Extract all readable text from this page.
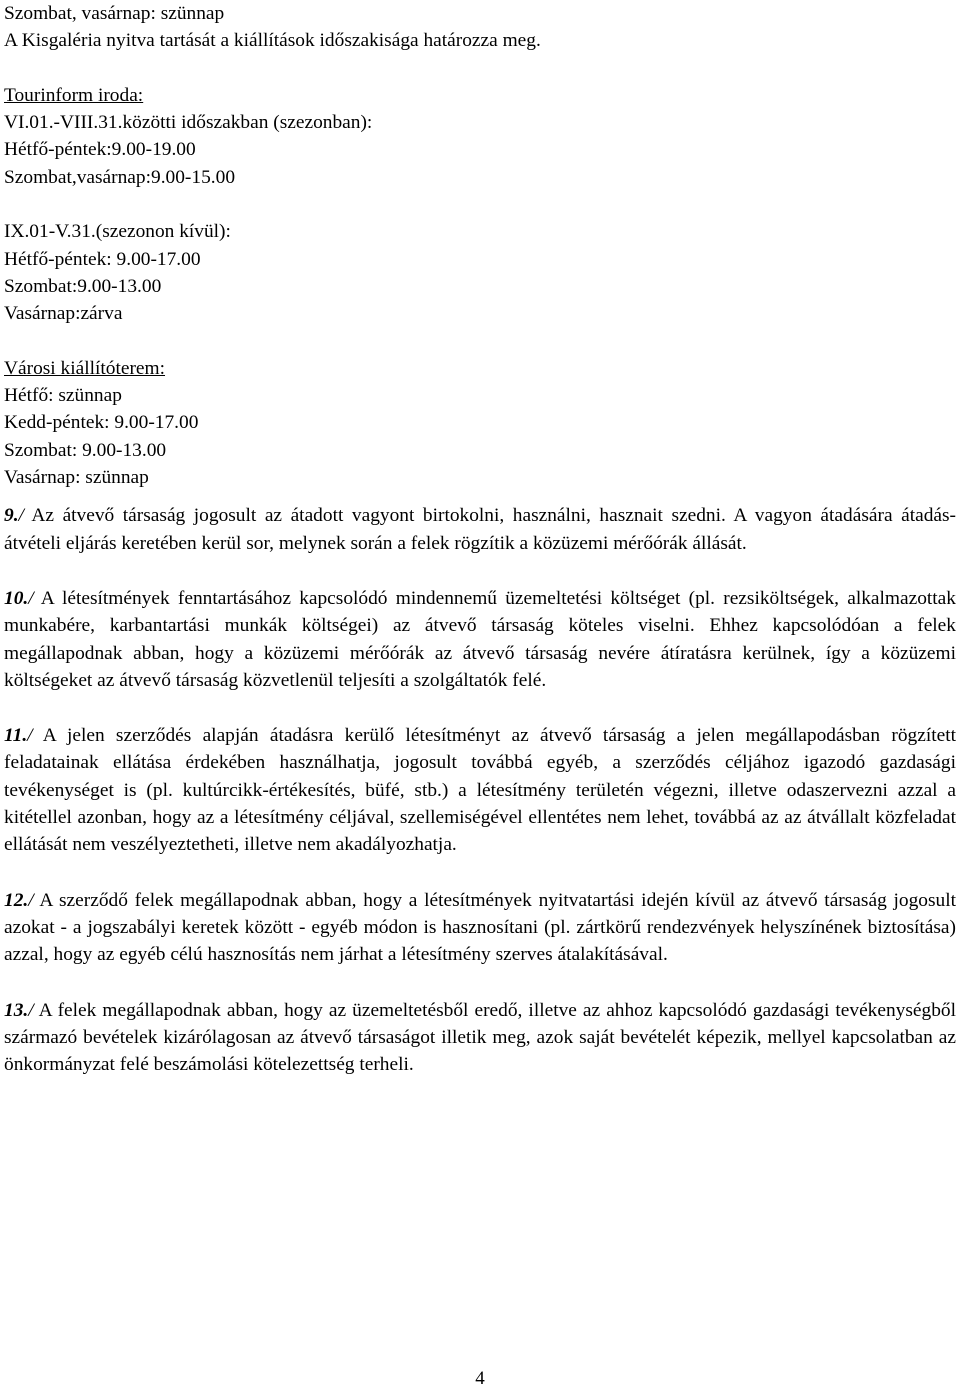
Szombat, vasárnap: szünnap
A Kisgaléria nyitva tartását a kiállítások időszakisága határozza meg.
Tourinform iroda:
VI.01.-VIII.31.közötti időszakban (szezonban):
Hétfő-péntek:9.00-19.00
Szombat,vasárnap:9.00-15.00
IX.01-V.31.(szezonon kívül):
Hétfő-péntek: 9.00-17.00
Szombat:9.00-13.00
Vasárnap:zárva
Városi kiállítóterem:
Hétfő: szünnap
Kedd-péntek: 9.00-17.00
Szombat: 9.00-13.00
Vasárnap: szünnap

9./ Az átvevő társaság jogosult az átadott vagyont birtokolni, használni, hasznait szedni. A vagyon átadására átadás-átvételi eljárás keretében kerül sor, melynek során a felek rögzítik a közüzemi mérőórák állását.

10./ A létesítmények fenntartásához kapcsolódó mindennemű üzemeltetési költséget (pl. rezsiköltségek, alkalmazottak munkabére, karbantartási munkák költségei) az átvevő társaság köteles viselni. Ehhez kapcsolódóan a felek megállapodnak abban, hogy a közüzemi mérőórák az átvevő társaság nevére átíratásra kerülnek, így a közüzemi költségeket az átvevő társaság közvetlenül teljesíti a szolgáltatók felé.

11./ A jelen szerződés alapján átadásra kerülő létesítményt az átvevő társaság a jelen megállapodásban rögzített feladatainak ellátása érdekében használhatja, jogosult továbbá egyéb, a szerződés céljához igazodó gazdasági tevékenységet is (pl. kultúrcikk-értékesítés, büfé, stb.) a létesítmény területén végezni, illetve odaszervezni azzal a kitétellel azonban, hogy az a létesítmény céljával, szellemiségével ellentétes nem lehet, továbbá az az átvállalt közfeladat ellátását nem veszélyeztetheti, illetve nem akadályozhatja.

12./ A szerződő felek megállapodnak abban, hogy a létesítmények nyitvatartási idején kívül az átvevő társaság jogosult azokat - a jogszabályi keretek között - egyéb módon is hasznosítani (pl. zártkörű rendezvények helyszínének biztosítása) azzal, hogy az egyéb célú hasznosítás nem járhat a létesítmény szerves átalakításával.

13./ A felek megállapodnak abban, hogy az üzemeltetésből eredő, illetve az ahhoz kapcsolódó gazdasági tevékenységből származó bevételek kizárólagosan az átvevő társaságot illetik meg, azok saját bevételét képezik, mellyel kapcsolatban az önkormányzat felé beszámolási kötelezettség terheli.

4
